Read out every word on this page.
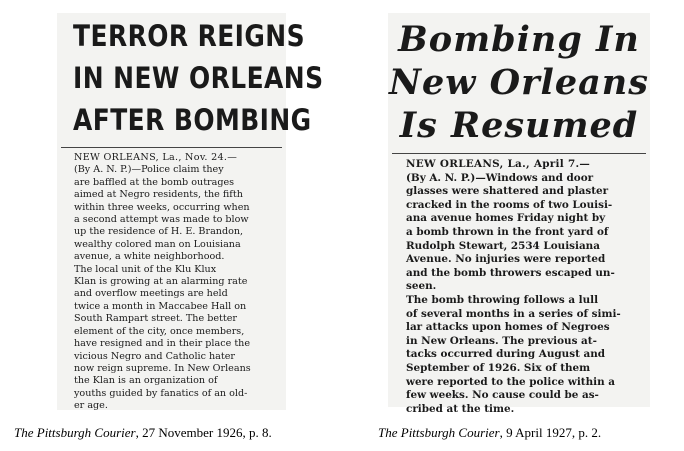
TERROR REIGNS
IN NEW ORLEANS
AFTER BOMBING

NEW ORLEANS, La., Nov. 24.—
(By A. N. P.)—Police claim they
are baffled at the bomb outrages
aimed at Negro residents, the fifth
within three weeks, occurring when
a second attempt was made to blow
up the residence of H. E. Brandon,
wealthy colored man on Louisiana
avenue, a white neighborhood.

The local unit of the Klu Klux
Klan is growing at an alarming rate
and overflow meetings are held
twice a month in Maccabee Hall on
South Rampart street. The better
element of the city, once members,
have resigned and in their place the
vicious Negro and Catholic hater
now reign supreme. In New Orleans
the Klan is an organization of
youths guided by fanatics of an old-
er age.

Bombing In
New Orleans
Is Resumed

NEW ORLEANS, La., April 7.—
(By A. N. P.)—Windows and door
glasses were shattered and plaster
cracked in the rooms of two Louisi-
ana avenue homes Friday night by
a bomb thrown in the front yard of
Rudolph Stewart, 2534 Louisiana
Avenue. No injuries were reported
and the bomb throwers escaped un-
seen.

The bomb throwing follows a lull
of several months in a series of simi-
lar attacks upon homes of Negroes
in New Orleans. The previous at-
tacks occurred during August and
September of 1926. Six of them
were reported to the police within a
few weeks. No cause could be as-
cribed at the time.

The Pittsburgh Courier, 27 November 1926, p. 8.	The Pittsburgh Courier, 9 April 1927, p. 2.
